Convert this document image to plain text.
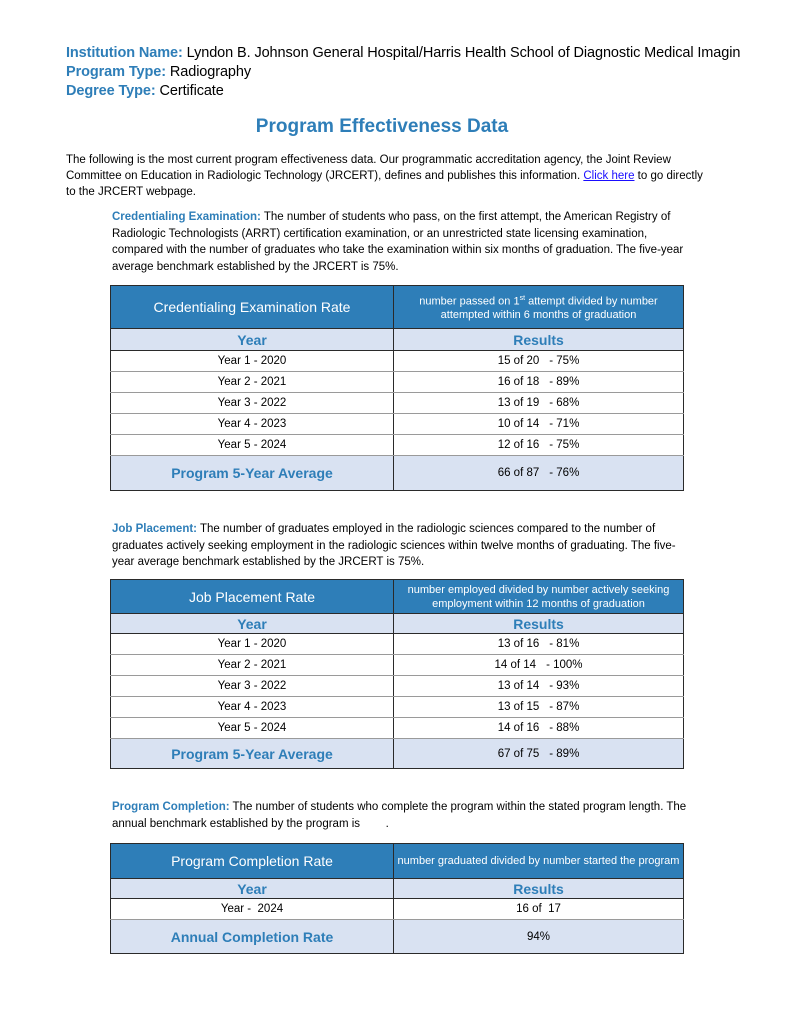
Institution Name: Lyndon B. Johnson General Hospital/Harris Health School of Diagnostic Medical Imagin
Program Type: Radiography
Degree Type: Certificate
Program Effectiveness Data
The following is the most current program effectiveness data. Our programmatic accreditation agency, the Joint Review Committee on Education in Radiologic Technology (JRCERT), defines and publishes this information. Click here to go directly to the JRCERT webpage.
Credentialing Examination: The number of students who pass, on the first attempt, the American Registry of Radiologic Technologists (ARRT) certification examination, or an unrestricted state licensing examination, compared with the number of graduates who take the examination within six months of graduation. The five-year average benchmark established by the JRCERT is 75%.
Credentialing Examination Rate	number passed on 1st attempt divided by number attempted within 6 months of graduation
Year	Results
Year 1 - 2020	15 of 20 - 75%
Year 2 - 2021	16 of 18 - 89%
Year 3 - 2022	13 of 19 - 68%
Year 4 - 2023	10 of 14 - 71%
Year 5 - 2024	12 of 16 - 75%
Program 5-Year Average	66 of 87 - 76%
Job Placement: The number of graduates employed in the radiologic sciences compared to the number of graduates actively seeking employment in the radiologic sciences within twelve months of graduating. The five-year average benchmark established by the JRCERT is 75%.
Job Placement Rate	number employed divided by number actively seeking employment within 12 months of graduation
Year	Results
Year 1 - 2020	13 of 16 - 81%
Year 2 - 2021	14 of 14 - 100%
Year 3 - 2022	13 of 14 - 93%
Year 4 - 2023	13 of 15 - 87%
Year 5 - 2024	14 of 16 - 88%
Program 5-Year Average	67 of 75 - 89%
Program Completion: The number of students who complete the program within the stated program length. The annual benchmark established by the program is        .
Program Completion Rate	number graduated divided by number started the program
Year	Results
Year -  2024	16 of  17
Annual Completion Rate	94%
